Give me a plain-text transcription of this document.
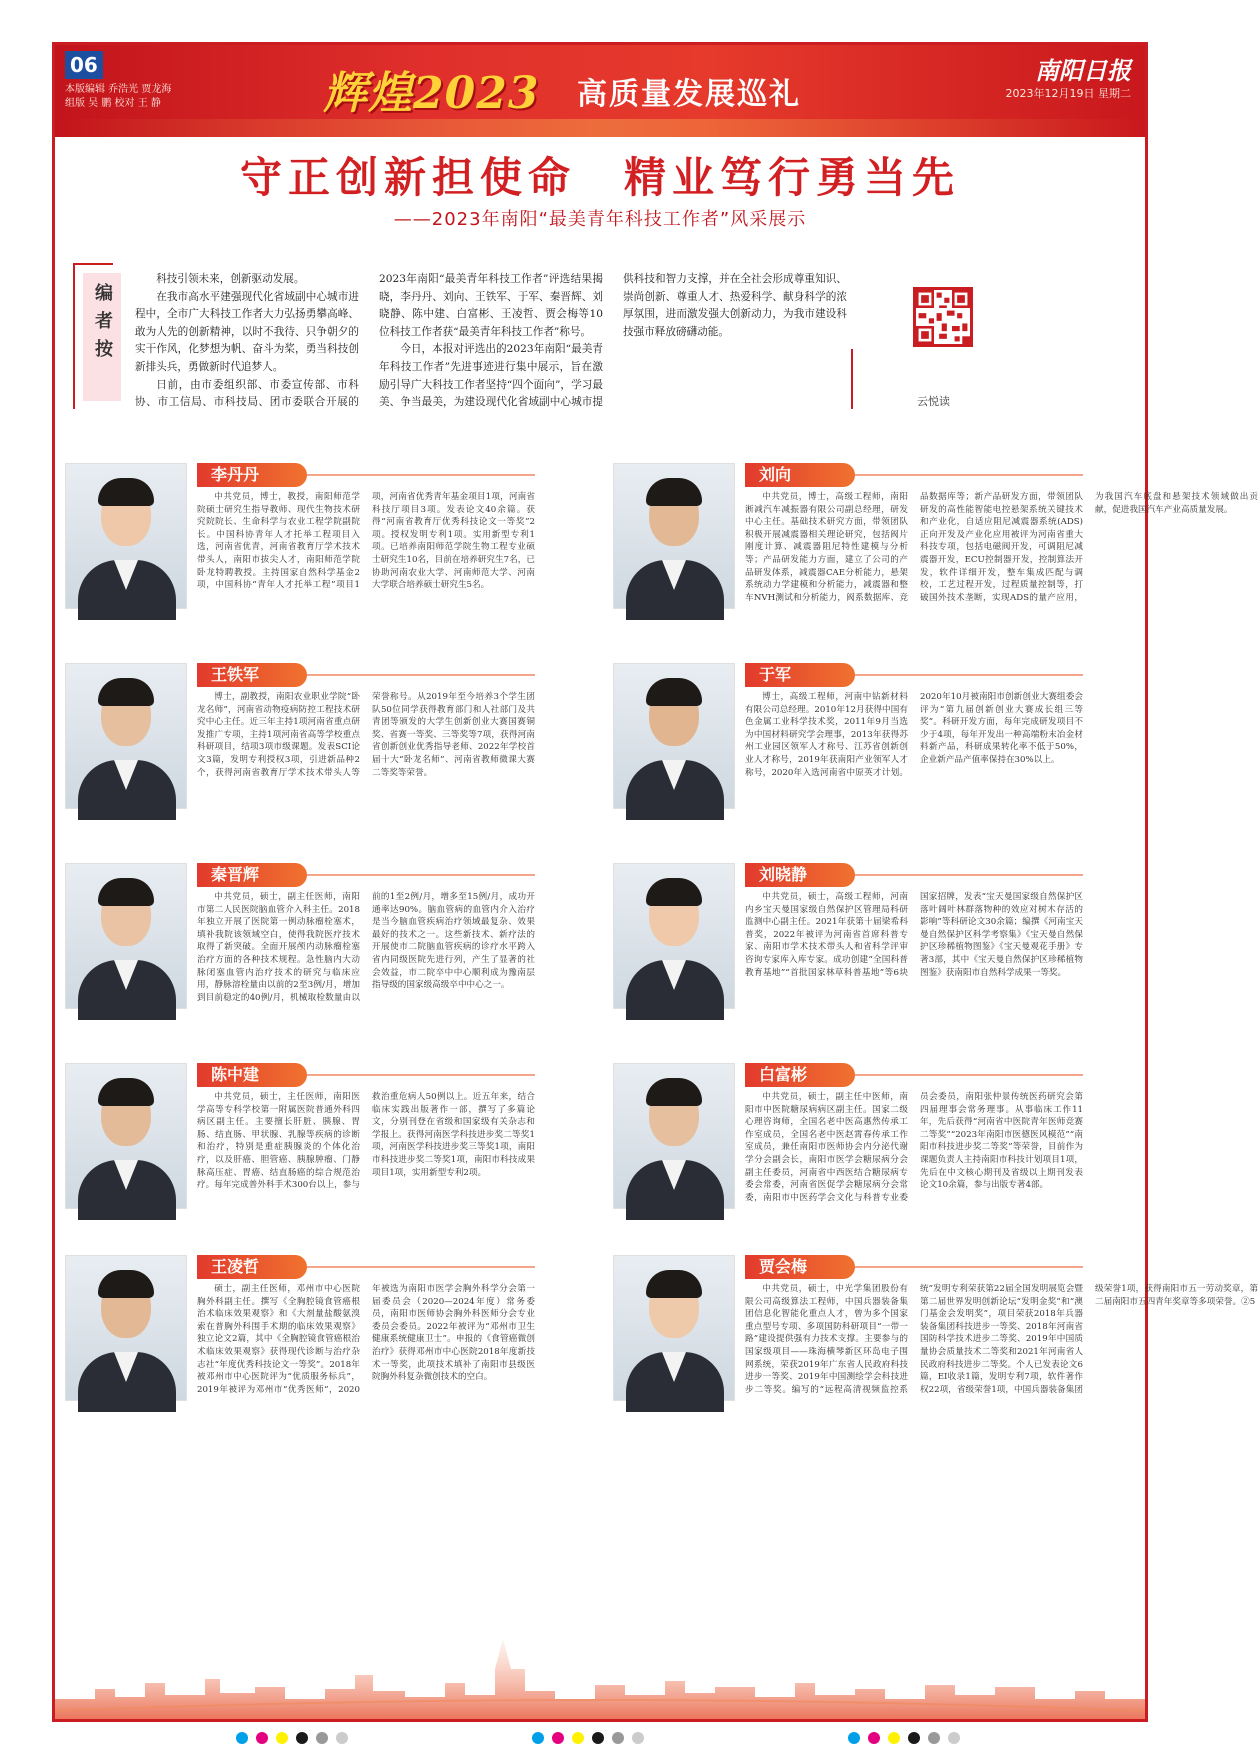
06
本版编辑 乔浩光 贾龙海
组版 吴 鹏 校对 王 静	辉煌2023 高质量发展巡礼
南阳日报
2023年12月19日 星期二
守正创新担使命　精业笃行勇当先
——2023年南阳“最美青年科技工作者”风采展示
编者按

科技引领未来，创新驱动发展。

在我市高水平建强现代化省域副中心城市进程中，全市广大科技工作者大力弘扬勇攀高峰、敢为人先的创新精神，以时不我待、只争朝夕的实干作风，化梦想为帆、奋斗为桨，勇当科技创新排头兵，勇做新时代追梦人。

日前，由市委组织部、市委宣传部、市科协、市工信局、市科技局、团市委联合开展的2023年南阳“最美青年科技工作者”评选结果揭晓，李丹丹、刘向、王铁军、于军、秦晋辉、刘晓静、陈中建、白富彬、王凌哲、贾会梅等10位科技工作者获“最美青年科技工作者”称号。

今日，本报对评选出的2023年南阳“最美青年科技工作者”先进事迹进行集中展示，旨在激励引导广大科技工作者坚持“四个面向”，学习最美、争当最美，为建设现代化省域副中心城市提供科技和智力支撑，并在全社会形成尊重知识、崇尚创新、尊重人才、热爱科学、献身科学的浓厚氛围，进而激发强大创新动力，为我市建设科技强市释放磅礴动能。

云悦读
李丹丹

中共党员，博士，教授，南阳师范学院硕士研究生指导教师、现代生物技术研究院院长、生命科学与农业工程学院副院长。中国科协青年人才托举工程项目入选，河南省优青，河南省教育厅学术技术带头人，南阳市拔尖人才，南阳师范学院卧龙特聘教授。主持国家自然科学基金2项，中国科协“青年人才托举工程”项目1项，河南省优秀青年基金项目1项，河南省科技厅项目3项。发表论文40余篇。获得“河南省教育厅优秀科技论文一等奖”2项。授权发明专利1项。实用新型专利1项。已培养南阳师范学院生物工程专业硕士研究生10名，目前在培养研究生7名，已协助河南农业大学、河南师范大学、河南大学联合培养硕士研究生5名。

刘向

中共党员，博士，高级工程师，南阳淅减汽车减振器有限公司副总经理，研发中心主任。基础技术研究方面，带领团队积极开展减震器相关理论研究，包括阀片刚度计算、减震器阻尼特性建模与分析等；产品研发能力方面，建立了公司的产品研发体系，减震器CAE分析能力，悬架系统动力学建模和分析能力，减震器和整车NVH测试和分析能力，阀系数据库、竞品数据库等；新产品研发方面，带领团队研发的高性能智能电控悬架系统关键技术和产业化，自适应阻尼减震器系统(ADS)正向开发及产业化应用被评为河南省重大科技专项，包括电磁阀开发，可调阻尼减震器开发，ECU控制器开发，控制算法开发，软件详细开发，整车集成匹配与调校，工艺过程开发，过程质量控制等，打破国外技术垄断，实现ADS的量产应用，为我国汽车底盘和悬架技术领域做出贡献，促进我国汽车产业高质量发展。

王铁军

博士，副教授，南阳农业职业学院“卧龙名师”，河南省动物疫病防控工程技术研究中心主任。近三年主持1项河南省重点研发推广专项，主持1项河南省高等学校重点科研项目，结项3项市级课题。发表SCI论文3篇，发明专利授权3项，引进新品种2个，获得河南省教育厅学术技术带头人等荣誉称号。从2019年至今培养3个学生团队50位同学获得教育部门和人社部门及共青团等颁发的大学生创新创业大赛国赛铜奖、省赛一等奖、三等奖等7项，获得河南省创新创业优秀指导老师、2022年学校首届十大“卧龙名师”、河南省教师微课大赛二等奖等荣誉。

于军

博士，高级工程师，河南中钻新材料有限公司总经理。2010年12月获得中国有色金属工业科学技术奖，2011年9月当选为中国材料研究学会理事，2013年获得苏州工业园区领军人才称号、江苏省创新创业人才称号，2019年获南阳产业领军人才称号，2020年入选河南省中原英才计划。2020年10月被南阳市创新创业大赛组委会评为“第九届创新创业大赛成长组三等奖”。科研开发方面，每年完成研发项目不少于4项，每年开发出一种高端粉末冶金材料新产品，科研成果转化率不低于50%，企业新产品产值率保持在30%以上。

秦晋辉

中共党员，硕士，副主任医师，南阳市第二人民医院脑血管介入科主任。2018年独立开展了医院第一例动脉瘤栓塞术，填补我院该领域空白，使得我院医疗技术取得了新突破。全面开展颅内动脉瘤栓塞治疗方面的各种技术规程。急性脑内大动脉闭塞血管内治疗技术的研究与临床应用，静脉溶栓量由以前的2至3例/月，增加到目前稳定的40例/月，机械取栓数量由以前的1至2例/月，增多至15例/月，成功开通率达90%。脑血管病的血管内介入治疗是当今脑血管疾病治疗领域最复杂、效果最好的技术之一。这些新技术、新疗法的开展使市二院脑血管疾病的诊疗水平跨入省内同级医院先进行列，产生了显著的社会效益，市二院卒中中心顺利成为豫南层指导级的国家级高级卒中中心之一。

刘晓静

中共党员，硕士，高级工程师，河南内乡宝天曼国家级自然保护区管理局科研监测中心副主任。2021年获第十届梁希科普奖，2022年被评为河南省首席科普专家、南阳市学术技术带头人和省科学评审咨询专家库入库专家。成功创建“全国科普教育基地”“首批国家林草科普基地”等6块国家招牌，发表“宝天曼国家级自然保护区落叶阔叶林群落物种的效应对树木存活的影响”等科研论文30余篇；编撰《河南宝天曼自然保护区科学考察集》《宝天曼自然保护区珍稀植物图鉴》《宝天曼观花手册》专著3部，其中《宝天曼自然保护区珍稀植物图鉴》获南阳市自然科学成果一等奖。

陈中建

中共党员，硕士，主任医师，南阳医学高等专科学校第一附属医院普通外科四病区副主任。主要擅长肝脏、胰腺、胃肠、结直肠、甲状腺、乳腺等疾病的诊断和治疗，特别是重症胰腺炎的个体化治疗，以及肝癌、胆管癌、胰腺肿瘤、门静脉高压症、胃癌、结直肠癌的综合规范治疗。每年完成普外科手术300台以上，参与救治重危病人50例以上。近五年来，结合临床实践出版著作一部，撰写了多篇论文，分别刊登在省级和国家级有关杂志和学报上。获得河南医学科技进步奖二等奖1项，河南医学科技进步奖三等奖1项，南阳市科技进步奖二等奖1项，南阳市科技成果项目1项，实用新型专利2项。

白富彬

中共党员，硕士，副主任中医师，南阳市中医院糖尿病病区副主任。国家二级心理咨询师，全国名老中医高惠然传承工作室成员，全国名老中医赵霄春传承工作室成员，兼任南阳市医师协会内分泌代谢学分会副会长，南阳市医学会糖尿病分会副主任委员，河南省中西医结合糖尿病专委会常委，河南省医促学会糖尿病分会常委，南阳市中医药学会文化与科普专业委员会委员，南阳张仲景传统医药研究会第四届理事会常务理事。从事临床工作11年，先后获得“河南省中医院青年医师竞赛二等奖”“2023年南阳市医德医风模范”“南阳市科技进步奖二等奖”等荣誉，目前作为课题负责人主持南阳市科技计划项目1项，先后在中文核心期刊及省级以上期刊发表论文10余篇，参与出版专著4部。

王凌哲

硕士，副主任医师，邓州市中心医院胸外科副主任。撰写《全胸腔镜食管癌根治术临床效果观察》和《大剂量盐酸氨溴索在普胸外科围手术期的临床效果观察》独立论文2篇，其中《全胸腔镜食管癌根治术临床效果观察》获得现代诊断与治疗杂志社“年度优秀科技论文一等奖”。2018年被邓州市中心医院评为“优质服务标兵”，2019年被评为邓州市“优秀医师”，2020年被选为南阳市医学会胸外科学分会第一届委员会（2020—2024年度）常务委员，南阳市医师协会胸外科医师分会专业委员会委员。2022年被评为“邓州市卫生健康系统健康卫士”。申报的《食管癌微创治疗》获得邓州市中心医院2018年度新技术一等奖，此项技术填补了南阳市县级医院胸外科复杂微创技术的空白。

贾会梅

中共党员，硕士，中光学集团股份有限公司高级算法工程师，中国兵器装备集团信息化智能化重点人才，曾为多个国家重点型号专项、多项国防科研项目“一带一路”建设提供强有力技术支撑。主要参与的国家级项目——珠海横琴新区环岛电子围网系统，荣获2019年广东省人民政府科技进步一等奖、2019年中国测绘学会科技进步二等奖。编写的“远程高清视频监控系统”发明专利荣获第22届全国发明展览会暨第二届世界发明创新论坛“发明金奖”和“澳门基金会发明奖”，项目荣获2018年兵器装备集团科技进步一等奖、2018年河南省国防科学技术进步二等奖、2019年中国质量协会质量技术二等奖和2021年河南省人民政府科技进步二等奖。个人已发表论文6篇，EI收录1篇，发明专利7项，软件著作权22项，省级荣誉1项，中国兵器装备集团级荣誉1项，获得南阳市五一劳动奖章，第二届南阳市五四青年奖章等多项荣誉。②5
